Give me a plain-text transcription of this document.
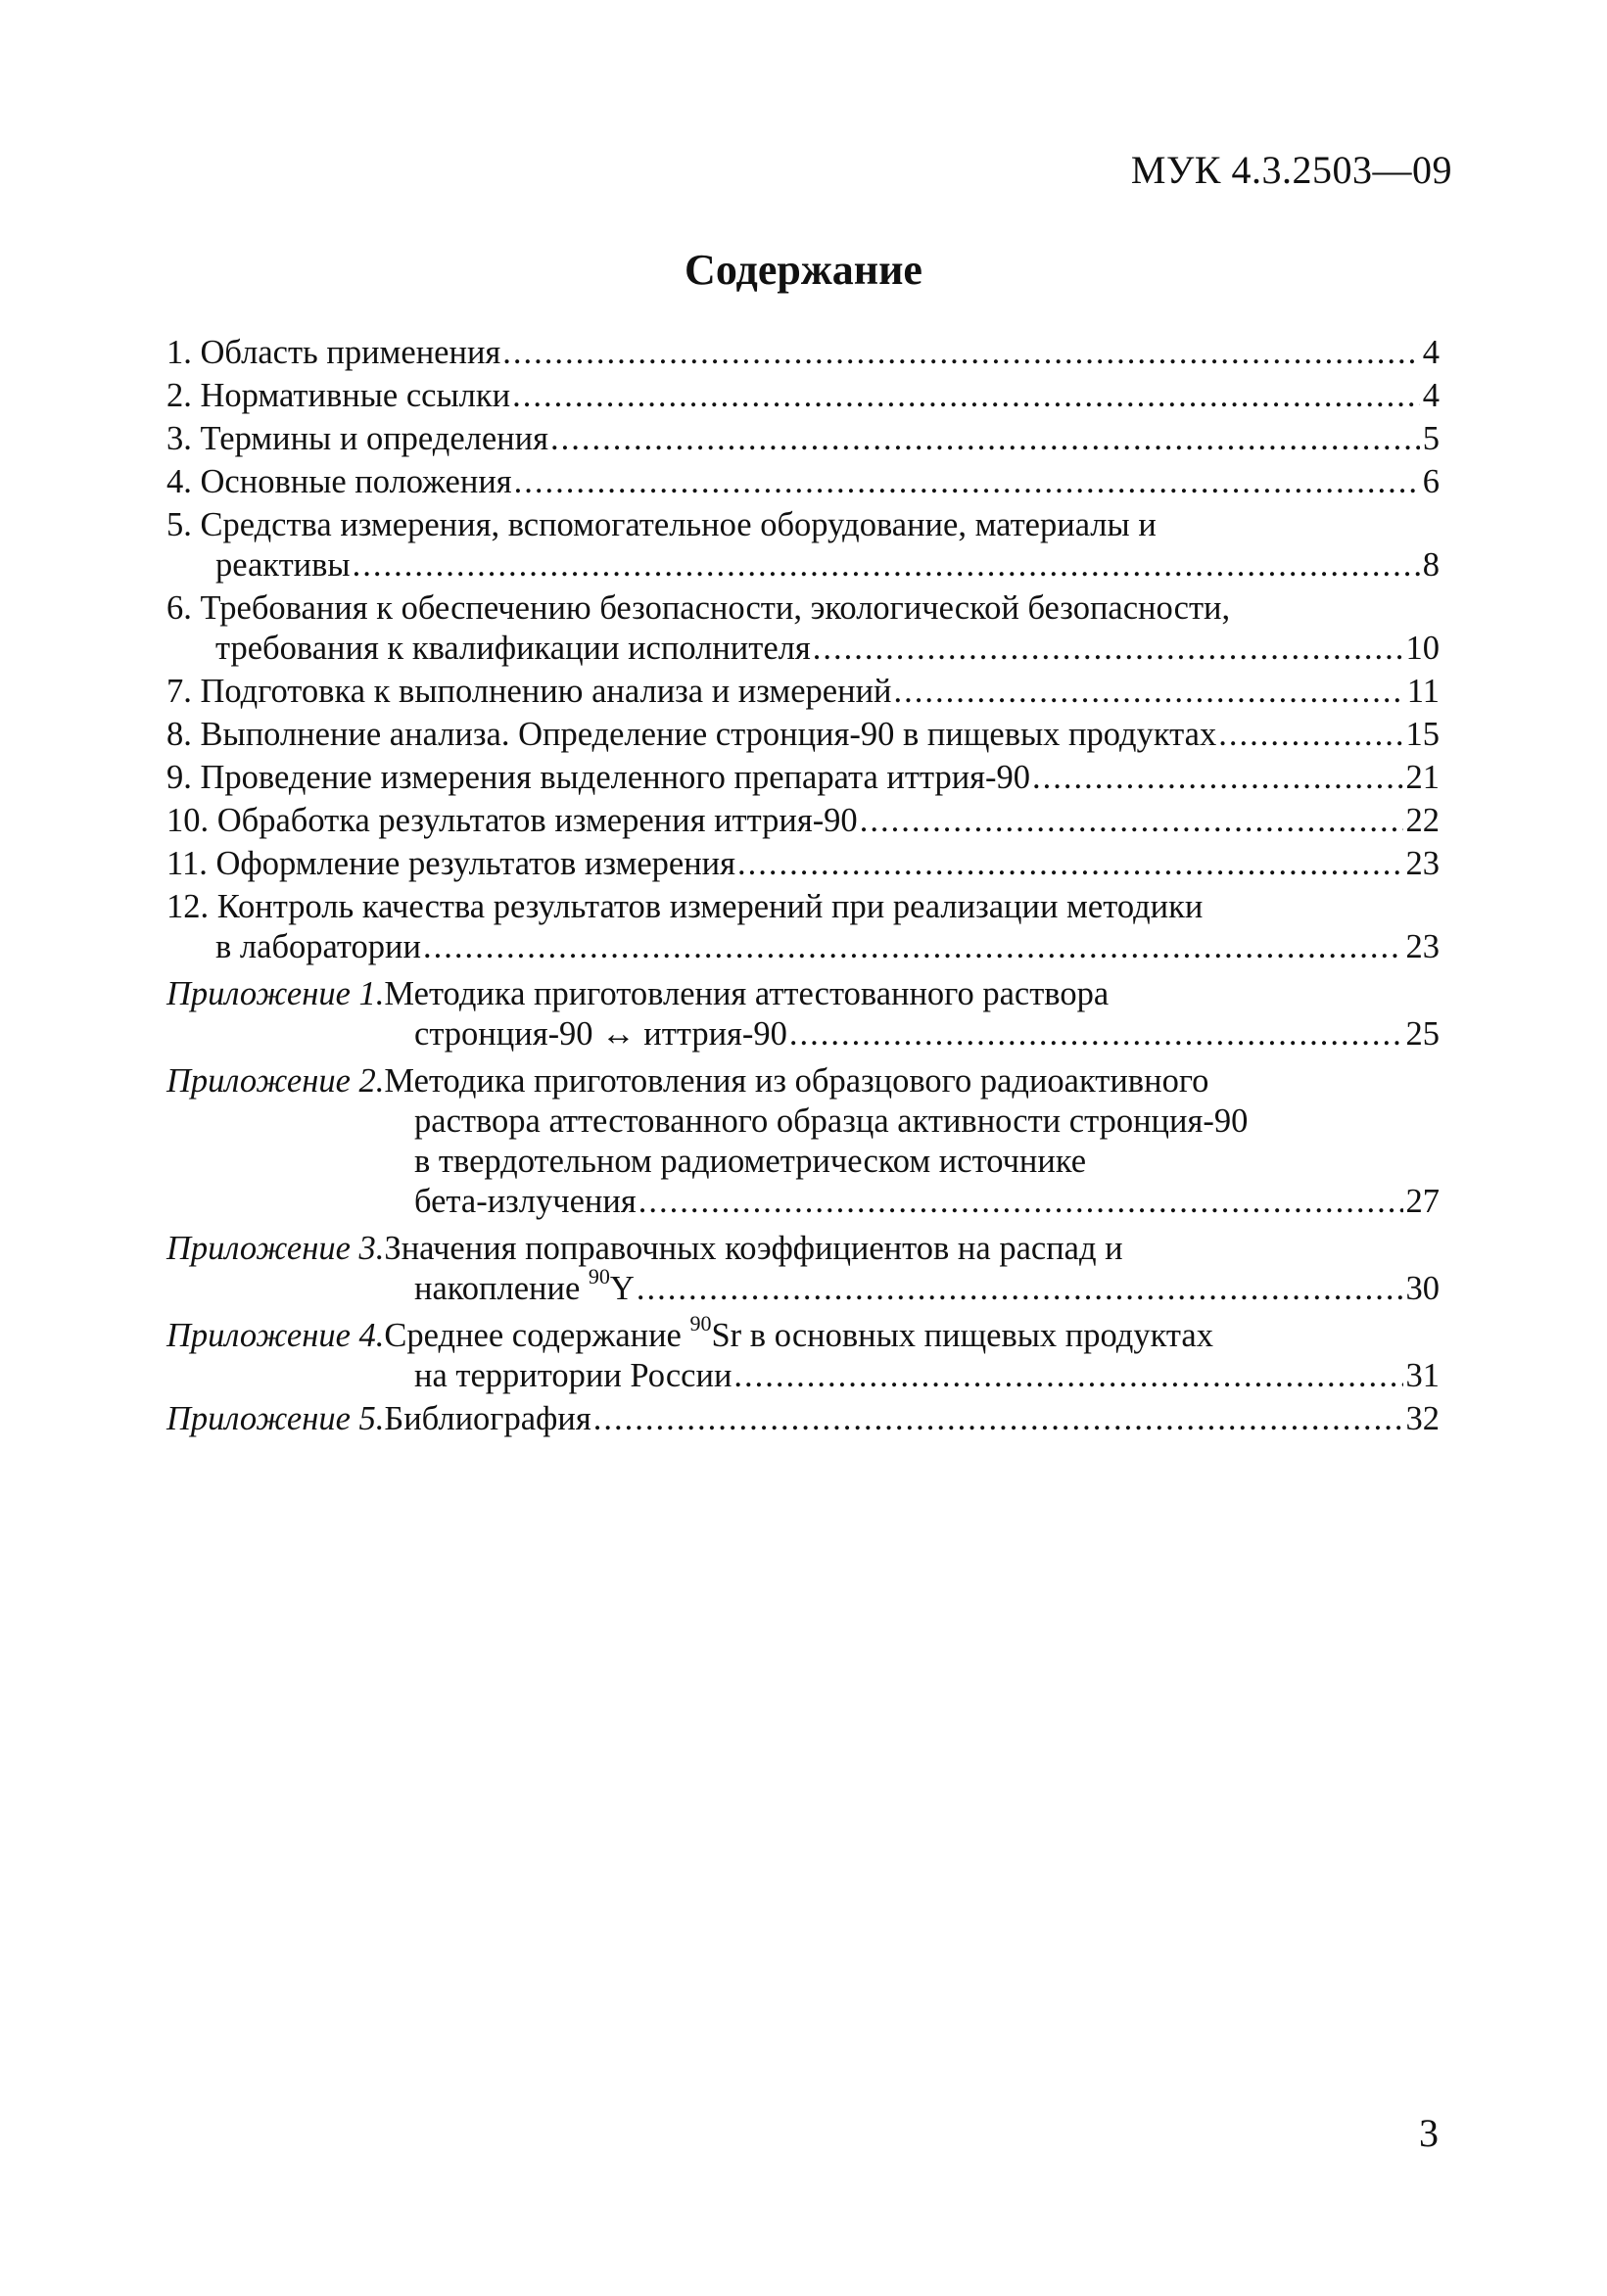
МУК 4.3.2503—09
Содержание
1. Область применения .....	4
2. Нормативные ссылки .....	4
3. Термины и определения .....	5
4. Основные положения .....	6
5. Средства измерения, вспомогательное оборудование, материалы и
реактивы .....	8
6. Требования к обеспечению безопасности, экологической безопасности,
требования к квалификации исполнителя .....	10
7. Подготовка к выполнению анализа и измерений .....	11
8. Выполнение анализа. Определение стронция-90 в пищевых продуктах .....	15
9. Проведение измерения выделенного препарата иттрия-90 .....	21
10. Обработка результатов измерения иттрия-90 .....	22
11. Оформление результатов измерения .....	23
12. Контроль качества результатов измерений при реализации методики
в лаборатории .....	23
Приложение 1. Методика приготовления аттестованного раствора
стронция-90 ↔ иттрия-90 .....	25
Приложение 2. Методика приготовления из образцового радиоактивного
раствора аттестованного образца активности стронция-90
в твердотельном радиометрическом источнике
бета-излучения .....	27
Приложение 3. Значения поправочных коэффициентов на распад и
накопление $^{90}$Y .....	30
Приложение 4. Среднее содержание $^{90}$Sr в основных пищевых продуктах
на территории России .....	31
Приложение 5. Библиография .....	32
3
